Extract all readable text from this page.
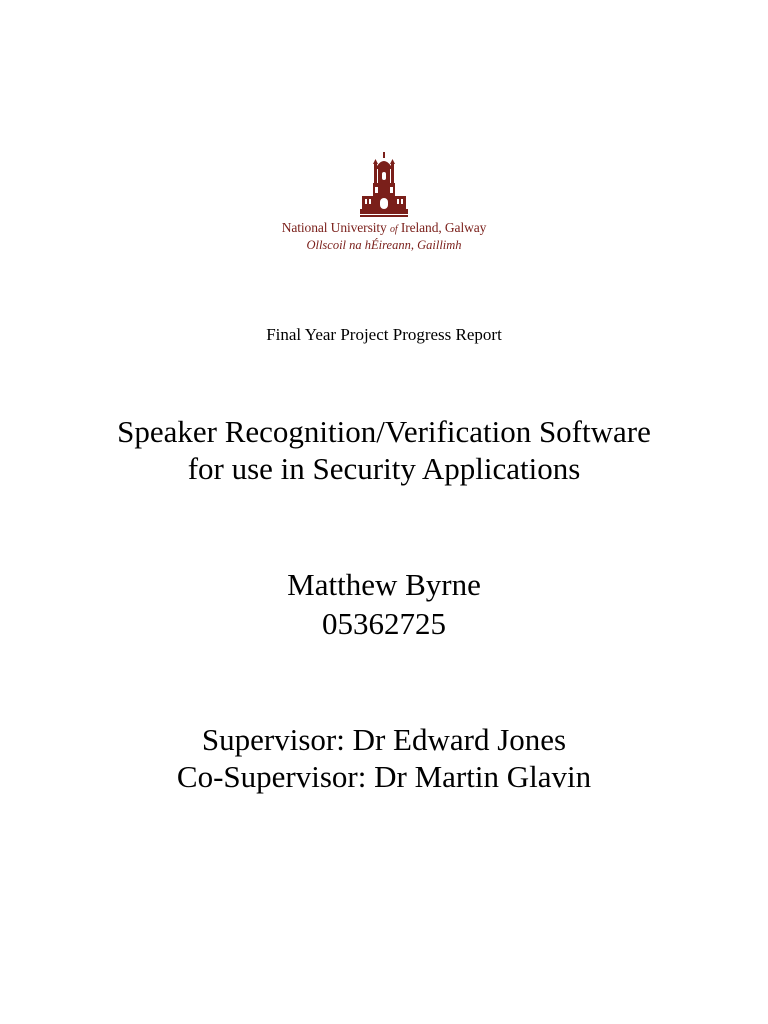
National University of Ireland, Galway
Ollscoil na hÉireann, Gaillimh
Final Year Project Progress Report
Speaker Recognition/Verification Software
for use in Security Applications
Matthew Byrne
05362725
Supervisor: Dr Edward Jones
Co-Supervisor: Dr Martin Glavin
